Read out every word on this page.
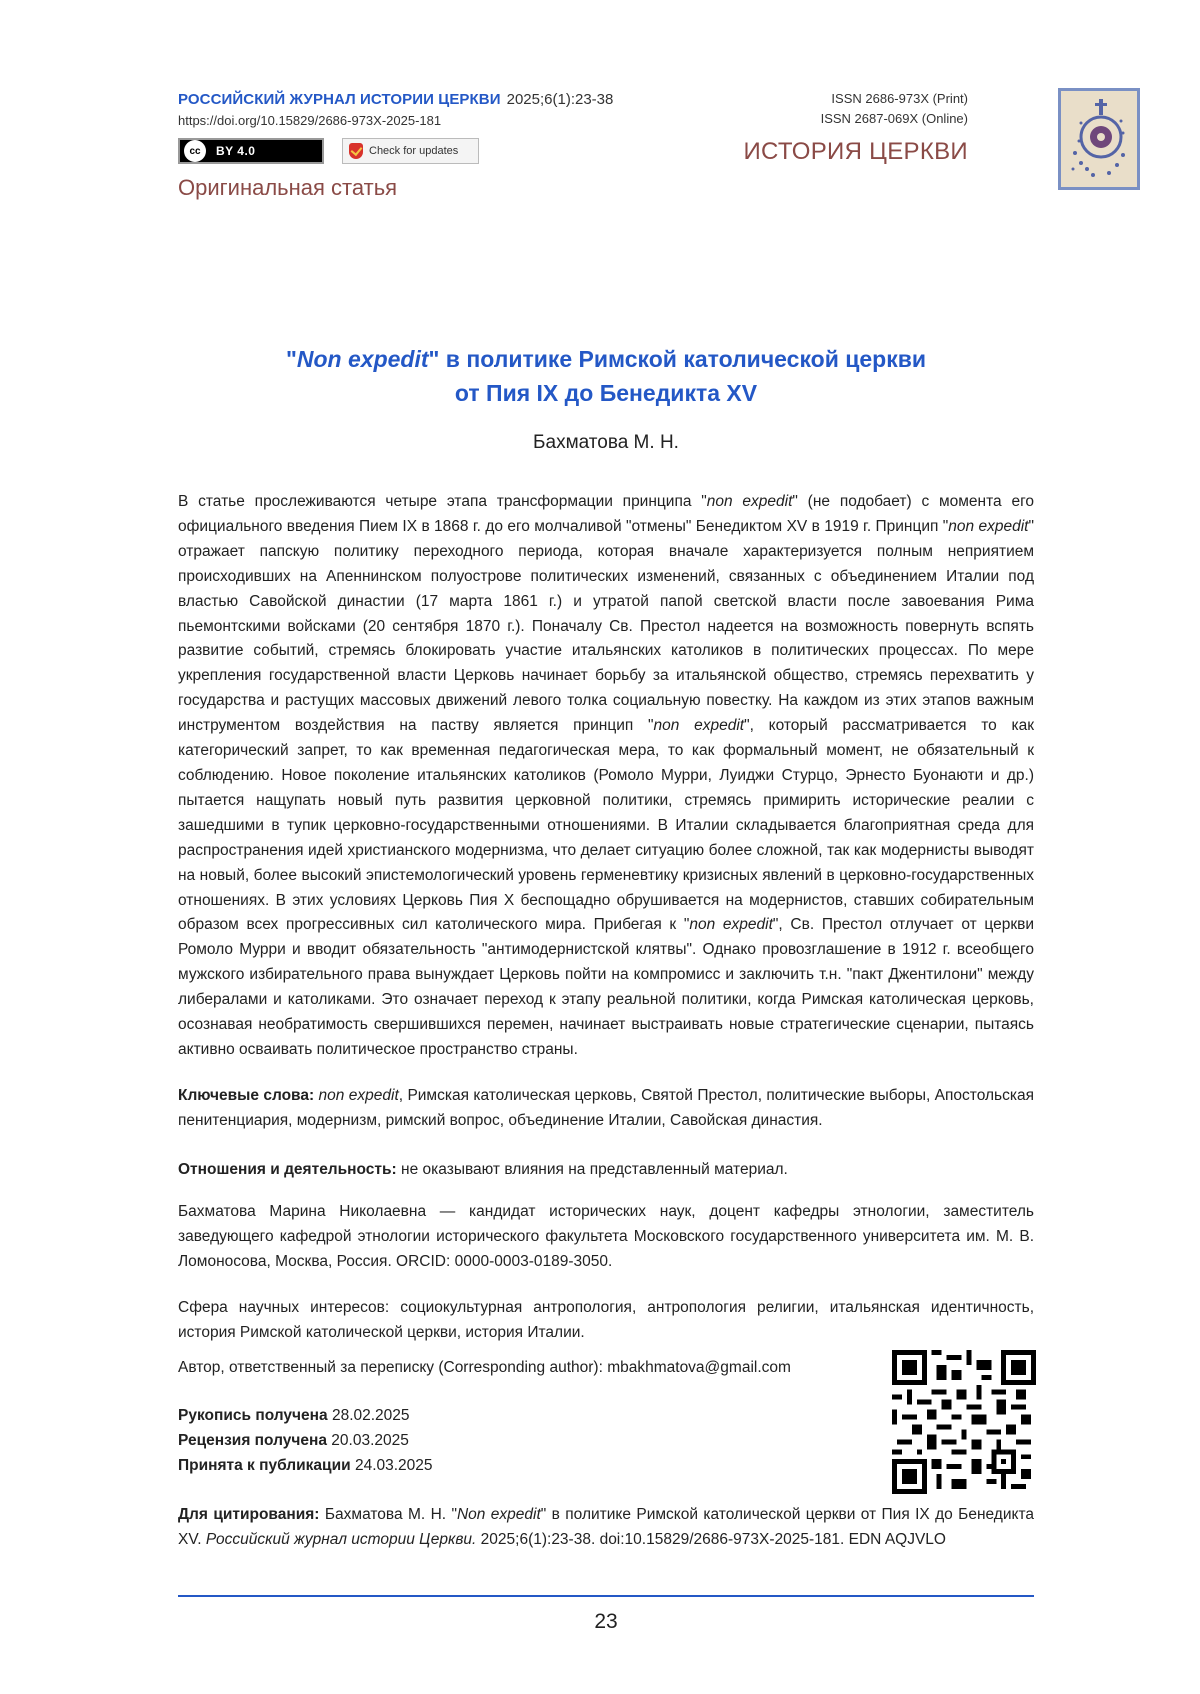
РОССИЙСКИЙ ЖУРНАЛ ИСТОРИИ ЦЕРКВИ 2025;6(1):23-38
https://doi.org/10.15829/2686-973X-2025-181
cc	BY 4.0	Check for updates
Оригинальная статья
ISSN 2686-973X (Print)
ISSN 2687-069X (Online)
ИСТОРИЯ ЦЕРКВИ
"Non expedit" в политике Римской католической церкви
от Пия IX до Бенедикта XV
Бахматова М. Н.
В статье прослеживаются четыре этапа трансформации принципа "non expedit" (не подобает) с момента его официального введения Пием IX в 1868 г. до его молчаливой "отмены" Бенедиктом XV в 1919 г. Принцип "non expedit" отражает папскую политику переходного периода, которая вначале характеризуется полным неприятием происходивших на Апеннинском полуострове политических изменений, связанных с объединением Италии под властью Савойской династии (17 марта 1861 г.) и утратой папой светской власти после завоевания Рима пьемонтскими войсками (20 сентября 1870 г.). Поначалу Св. Престол надеется на возможность повернуть вспять развитие событий, стремясь блокировать участие итальянских католиков в политических процессах. По мере укрепления государственной власти Церковь начинает борьбу за итальянской общество, стремясь перехватить у государства и растущих массовых движений левого толка социальную повестку. На каждом из этих этапов важным инструментом воздействия на паству является принцип "non expedit", который рассматривается то как категорический запрет, то как временная педагогическая мера, то как формальный момент, не обязательный к соблюдению. Новое поколение итальянских католиков (Ромоло Мурри, Луиджи Стурцо, Эрнесто Буонаюти и др.) пытается нащупать новый путь развития церковной политики, стремясь примирить исторические реалии с зашедшими в тупик церковно-государственными отношениями. В Италии складывается благоприятная среда для распространения идей христианского модернизма, что делает ситуацию более сложной, так как модернисты выводят на новый, более высокий эпистемологический уровень герменевтику кризисных явлений в церковно-государственных отношениях. В этих условиях Церковь Пия X беспощадно обрушивается на модернистов, ставших собирательным образом всех прогрессивных сил католического мира. Прибегая к "non expedit", Св. Престол отлучает от церкви Ромоло Мурри и вводит обязательность "антимодернистской клятвы". Однако провозглашение в 1912 г. всеобщего мужского избирательного права вынуждает Церковь пойти на компромисс и заключить т.н. "пакт Джентилони" между либералами и католиками. Это означает переход к этапу реальной политики, когда Римская католическая церковь, осознавая необратимость свершившихся перемен, начинает выстраивать новые стратегические сценарии, пытаясь активно осваивать политическое пространство страны.
Ключевые слова: non expedit, Римская католическая церковь, Святой Престол, политические выборы, Апостольская пенитенциария, модернизм, римский вопрос, объединение Италии, Савойская династия.
Отношения и деятельность: не оказывают влияния на представленный материал.
Бахматова Марина Николаевна — кандидат исторических наук, доцент кафедры этнологии, заместитель заведующего кафедрой этнологии исторического факультета Московского государственного университета им. М. В. Ломоносова, Москва, Россия. ORCID: 0000-0003-0189-3050.
Сфера научных интересов: социокультурная антропология, антропология религии, итальянская идентичность, история Римской католической церкви, история Италии.
Автор, ответственный за переписку (Corresponding author): mbakhmatova@gmail.com
Рукопись получена 28.02.2025
Рецензия получена 20.03.2025
Принята к публикации 24.03.2025
Для цитирования: Бахматова М. Н. "Non expedit" в политике Римской католической церкви от Пия IX до Бенедикта XV. Российский журнал истории Церкви. 2025;6(1):23-38. doi:10.15829/2686-973X-2025-181. EDN AQJVLO
23
